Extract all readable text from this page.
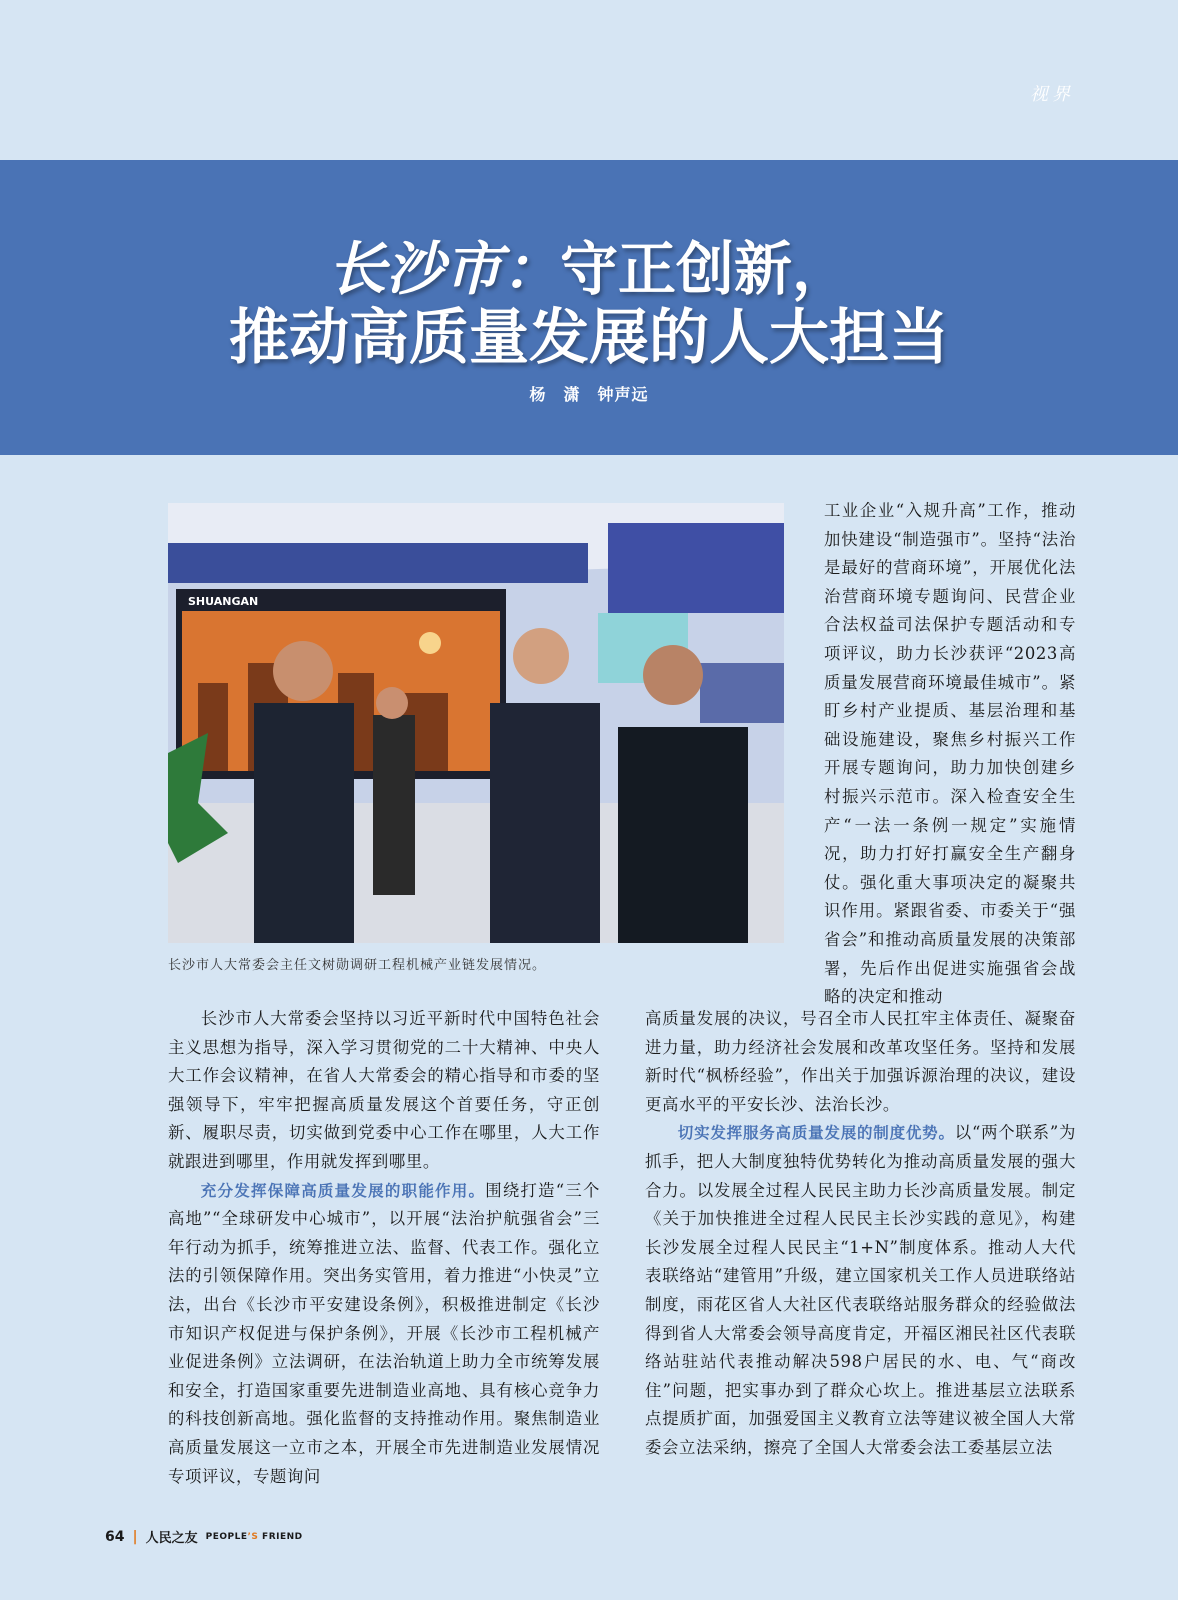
视界
长沙市：守正创新，
推动高质量发展的人大担当
杨　潇　钟声远
SHUANGAN
长沙市人大常委会主任文树勋调研工程机械产业链发展情况。

工业企业“入规升高”工作，推动加快建设“制造强市”。坚持“法治是最好的营商环境”，开展优化法治营商环境专题询问、民营企业合法权益司法保护专题活动和专项评议，助力长沙获评“2023高质量发展营商环境最佳城市”。紧盯乡村产业提质、基层治理和基础设施建设，聚焦乡村振兴工作开展专题询问，助力加快创建乡村振兴示范市。深入检查安全生产“一法一条例一规定”实施情况，助力打好打赢安全生产翻身仗。强化重大事项决定的凝聚共识作用。紧跟省委、市委关于“强省会”和推动高质量发展的决策部署，先后作出促进实施强省会战略的决定和推动

长沙市人大常委会坚持以习近平新时代中国特色社会主义思想为指导，深入学习贯彻党的二十大精神、中央人大工作会议精神，在省人大常委会的精心指导和市委的坚强领导下，牢牢把握高质量发展这个首要任务，守正创新、履职尽责，切实做到党委中心工作在哪里，人大工作就跟进到哪里，作用就发挥到哪里。

充分发挥保障高质量发展的职能作用。围绕打造“三个高地”“全球研发中心城市”，以开展“法治护航强省会”三年行动为抓手，统筹推进立法、监督、代表工作。强化立法的引领保障作用。突出务实管用，着力推进“小快灵”立法，出台《长沙市平安建设条例》，积极推进制定《长沙市知识产权促进与保护条例》，开展《长沙市工程机械产业促进条例》立法调研，在法治轨道上助力全市统筹发展和安全，打造国家重要先进制造业高地、具有核心竞争力的科技创新高地。强化监督的支持推动作用。聚焦制造业高质量发展这一立市之本，开展全市先进制造业发展情况专项评议，专题询问

高质量发展的决议，号召全市人民扛牢主体责任、凝聚奋进力量，助力经济社会发展和改革攻坚任务。坚持和发展新时代“枫桥经验”，作出关于加强诉源治理的决议，建设更高水平的平安长沙、法治长沙。

切实发挥服务高质量发展的制度优势。以“两个联系”为抓手，把人大制度独特优势转化为推动高质量发展的强大合力。以发展全过程人民民主助力长沙高质量发展。制定《关于加快推进全过程人民民主长沙实践的意见》，构建长沙发展全过程人民民主“1+N”制度体系。推动人大代表联络站“建管用”升级，建立国家机关工作人员进联络站制度，雨花区省人大社区代表联络站服务群众的经验做法得到省人大常委会领导高度肯定，开福区湘民社区代表联络站驻站代表推动解决598户居民的水、电、气“商改住”问题，把实事办到了群众心坎上。推进基层立法联系点提质扩面，加强爱国主义教育立法等建议被全国人大常委会立法采纳，擦亮了全国人大常委会法工委基层立法

64 | 人民之友 PEOPLE’S FRIEND
